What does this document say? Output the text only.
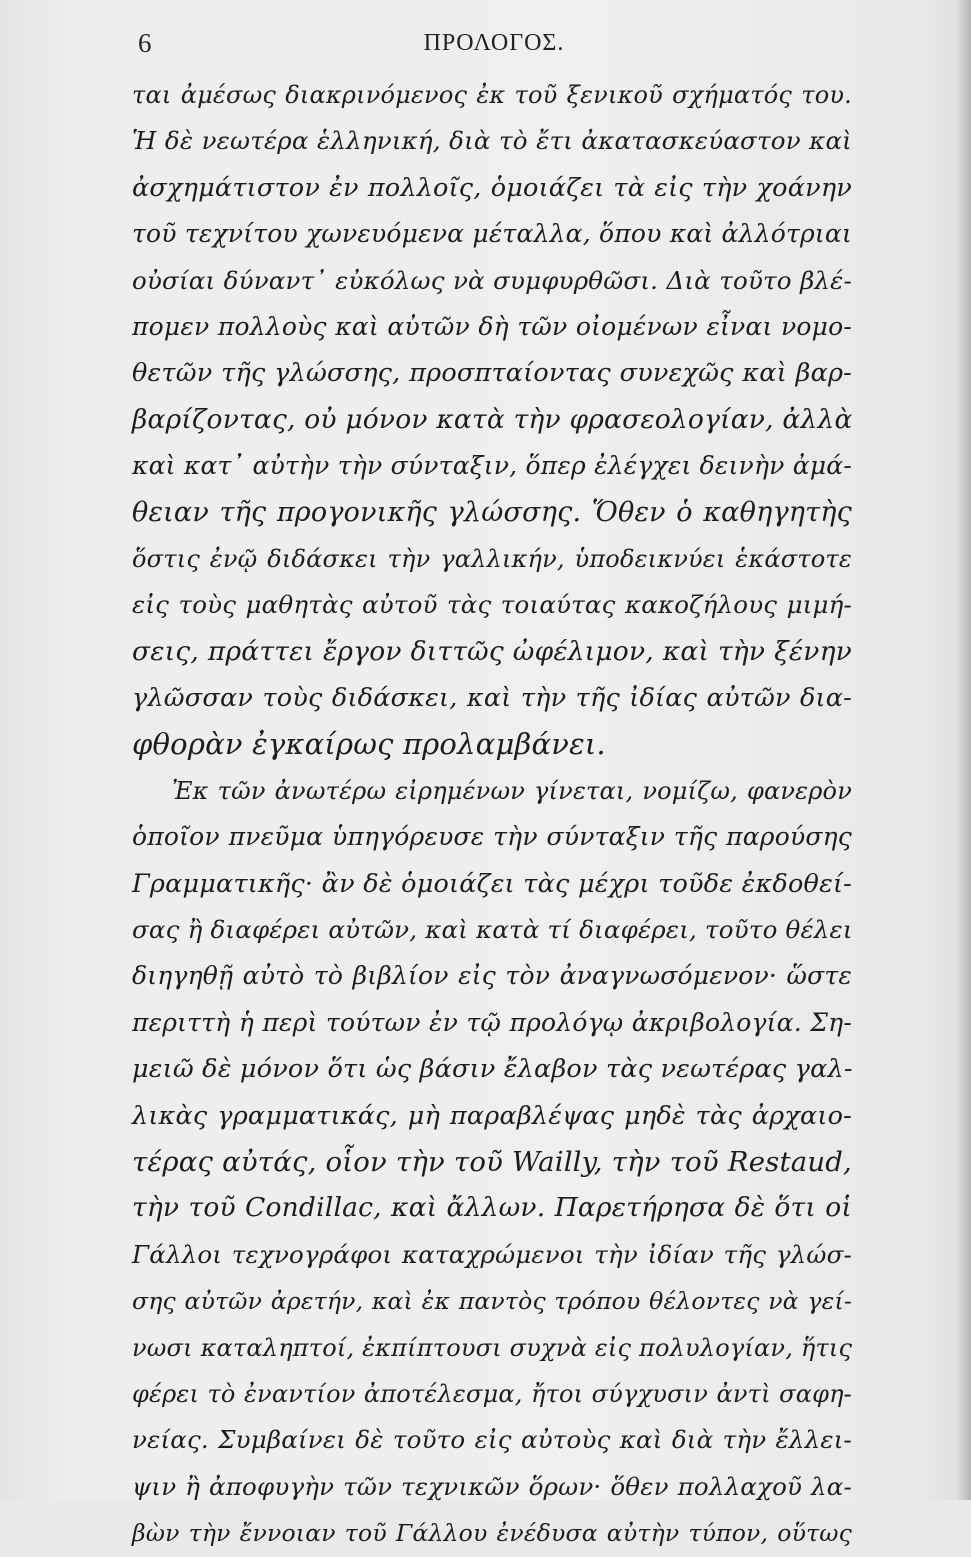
6	ΠΡΟΛΟΓΟΣ.
ται ἀμέσως διακρινόμενος ἐκ τοῦ ξενικοῦ σχήματός του.
Ἡ δὲ νεωτέρα ἑλληνική, διὰ τὸ ἔτι ἀκατασκεύαστον καὶ
ἀσχημάτιστον ἐν πολλοῖς, ὁμοιάζει τὰ εἰς τὴν χοάνην
τοῦ τεχνίτου χωνευόμενα μέταλλα, ὅπου καὶ ἀλλότριαι
οὐσίαι δύναντ᾽ εὐκόλως νὰ συμφυρθῶσι. Διὰ τοῦτο βλέ-
πομεν πολλοὺς καὶ αὐτῶν δὴ τῶν οἰομένων εἶναι νομο-
θετῶν τῆς γλώσσης, προσπταίοντας συνεχῶς καὶ βαρ-
βαρίζοντας, οὐ μόνον κατὰ τὴν φρασεολογίαν, ἀλλὰ
καὶ κατ᾽ αὐτὴν τὴν σύνταξιν, ὅπερ ἐλέγχει δεινὴν ἀμά-
θειαν τῆς προγονικῆς γλώσσης. Ὅθεν ὁ καθηγητὴς
ὅστις ἐνῷ διδάσκει τὴν γαλλικήν, ὑποδεικνύει ἑκάστοτε
εἰς τοὺς μαθητὰς αὐτοῦ τὰς τοιαύτας κακοζήλους μιμή-
σεις, πράττει ἔργον διττῶς ὠφέλιμον, καὶ τὴν ξένην
γλῶσσαν τοὺς διδάσκει, καὶ τὴν τῆς ἰδίας αὐτῶν δια-
φθορὰν ἐγκαίρως προλαμβάνει.
Ἐκ τῶν ἀνωτέρω εἰρημένων γίνεται, νομίζω, φανερὸν
ὁποῖον πνεῦμα ὑπηγόρευσε τὴν σύνταξιν τῆς παρούσης
Γραμματικῆς· ἂν δὲ ὁμοιάζει τὰς μέχρι τοῦδε ἐκδοθεί-
σας ἢ διαφέρει αὐτῶν, καὶ κατὰ τί διαφέρει, τοῦτο θέλει
διηγηθῇ αὐτὸ τὸ βιβλίον εἰς τὸν ἀναγνωσόμενον· ὥστε
περιττὴ ἡ περὶ τούτων ἐν τῷ προλόγῳ ἀκριβολογία. Ση-
μειῶ δὲ μόνον ὅτι ὡς βάσιν ἔλαβον τὰς νεωτέρας γαλ-
λικὰς γραμματικάς, μὴ παραβλέψας μηδὲ τὰς ἀρχαιο-
τέρας αὐτάς, οἷον τὴν τοῦ Wailly, τὴν τοῦ Restaud,
τὴν τοῦ Condillac, καὶ ἄλλων. Παρετήρησα δὲ ὅτι οἱ
Γάλλοι τεχνογράφοι καταχρώμενοι τὴν ἰδίαν τῆς γλώσ-
σης αὐτῶν ἀρετήν, καὶ ἐκ παντὸς τρόπου θέλοντες νὰ γεί-
νωσι καταληπτοί, ἐκπίπτουσι συχνὰ εἰς πολυλογίαν, ἥτις
φέρει τὸ ἐναντίον ἀποτέλεσμα, ἤτοι σύγχυσιν ἀντὶ σαφη-
νείας. Συμβαίνει δὲ τοῦτο εἰς αὐτοὺς καὶ διὰ τὴν ἔλλει-
ψιν ἢ ἀποφυγὴν τῶν τεχνικῶν ὅρων· ὅθεν πολλαχοῦ λα-
βὼν τὴν ἔννοιαν τοῦ Γάλλου ἐνέδυσα αὐτὴν τύπον, οὕτως
